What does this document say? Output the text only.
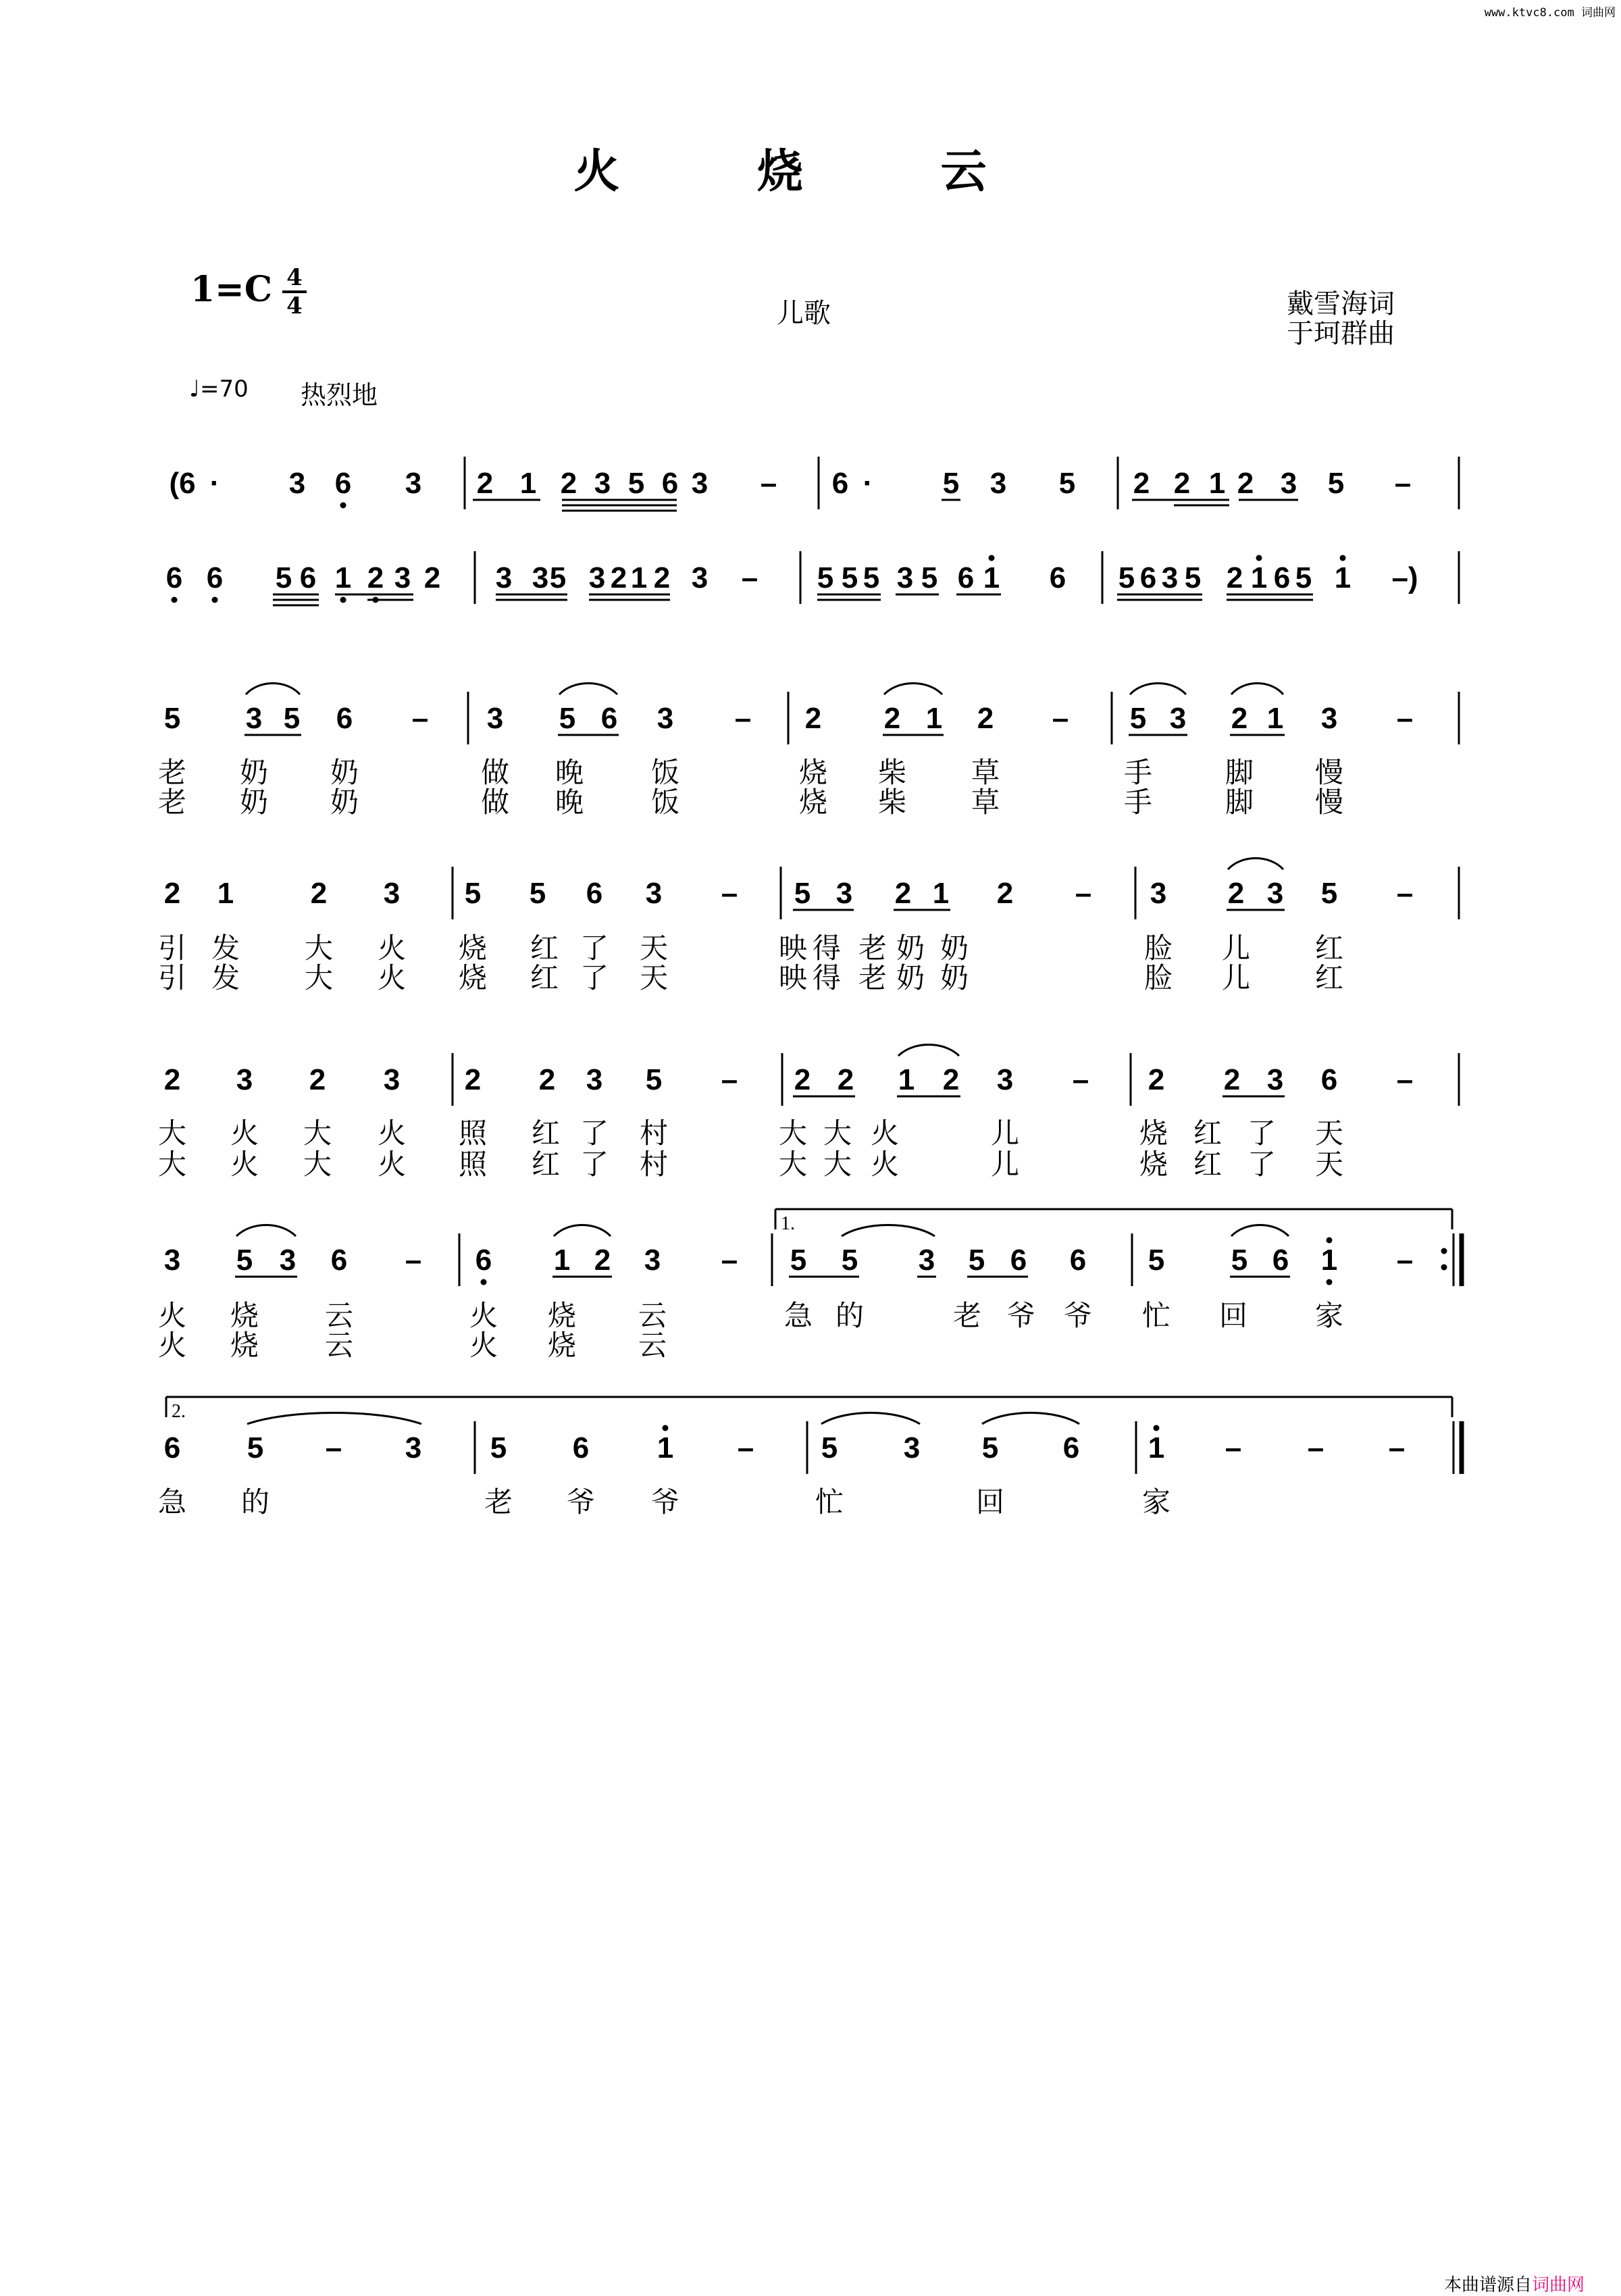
www.ktvc8.com 词曲网
火 烧 云
1=C 4
4	儿歌	戴雪海词
于珂群曲
♩=70 热烈地
(6 · 3 6 3 2 1 2 3 5 6 3 – 6 · 5 3 5 2 2 1 2 3 5 –
6 6 5 6 1 2 3 2 3 3 5 3 2 1 2 3 – 5 5 5 3 5 6 1 6 5 6 3 5 2 1 6 5 1 –)
5 3 5 6 – 3 5 6 3 – 2 2 1 2 – 5 3 2 1 3 –
老 奶 奶	做 晚 饭	烧 柴 草	手	脚 慢
老 奶 奶	做 晚 饭	烧 柴 草	手	脚 慢
2 1	2 3 5 5 6 3 – 5 3 2 1 2 – 3 2 3 5 –
引 发 大 火 烧 红 了 天	映 得 老 奶 奶	脸 儿 红
引 发 大 火 烧 红 了 天	映 得 老 奶 奶	脸 儿 红
2 3 2 3 2 2 3 5 – 2 2 1 2 3 – 2 2 3 6 –
大 火 大 火 照 红 了 村	大 大 火	儿	烧 红 了 天
大 火 大 火 照 红 了 村	大 大 火	儿	烧 红 了 天
3 5 3 6 – 6 1 2 3 – 5 5 3 5 6 6 5 5 6 1 –
1.
火 烧 云	火 烧 云	急 的	老 爷 爷 忙 回 家
火 烧 云	火 烧 云
6 5 – 3 5 6 1 – 5 3 5 6 1 – – –
2.
急 的	老 爷 爷	忙	回	家
本曲谱源自词曲网
